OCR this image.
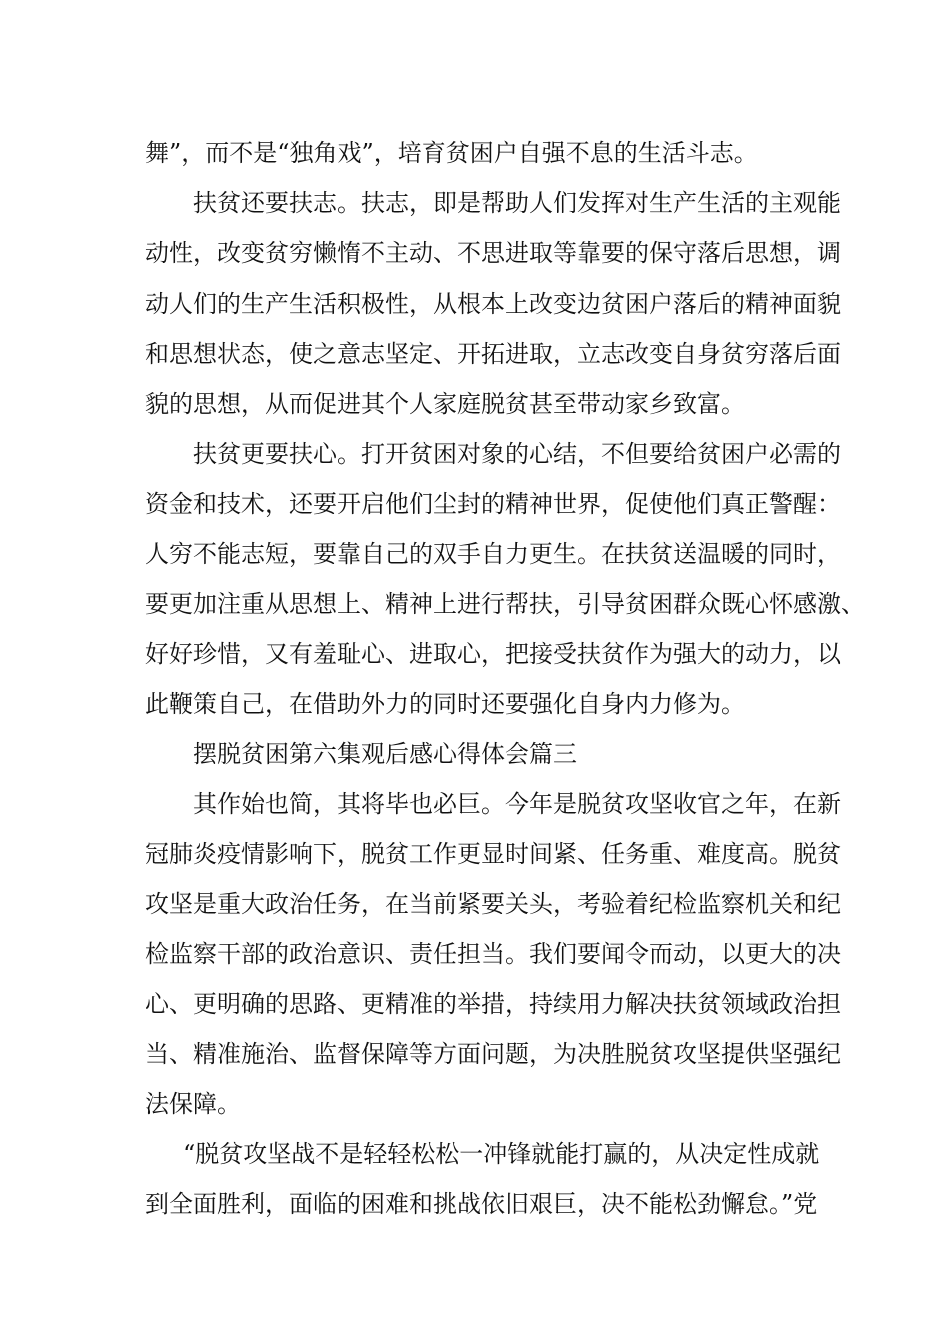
舞”，而不是“独角戏”，培育贫困户自强不息的生活斗志。
扶贫还要扶志。扶志，即是帮助人们发挥对生产生活的主观能
动性，改变贫穷懒惰不主动、不思进取等靠要的保守落后思想，调
动人们的生产生活积极性，从根本上改变边贫困户落后的精神面貌
和思想状态，使之意志坚定、开拓进取，立志改变自身贫穷落后面
貌的思想，从而促进其个人家庭脱贫甚至带动家乡致富。
扶贫更要扶心。打开贫困对象的心结，不但要给贫困户必需的
资金和技术，还要开启他们尘封的精神世界，促使他们真正警醒：
人穷不能志短，要靠自己的双手自力更生。在扶贫送温暖的同时，
要更加注重从思想上、精神上进行帮扶，引导贫困群众既心怀感激、
好好珍惜，又有羞耻心、进取心，把接受扶贫作为强大的动力，以
此鞭策自己，在借助外力的同时还要强化自身内力修为。
摆脱贫困第六集观后感心得体会篇三
其作始也简，其将毕也必巨。今年是脱贫攻坚收官之年，在新
冠肺炎疫情影响下，脱贫工作更显时间紧、任务重、难度高。脱贫
攻坚是重大政治任务，在当前紧要关头，考验着纪检监察机关和纪
检监察干部的政治意识、责任担当。我们要闻令而动，以更大的决
心、更明确的思路、更精准的举措，持续用力解决扶贫领域政治担
当、精准施治、监督保障等方面问题，为决胜脱贫攻坚提供坚强纪
法保障。
“脱贫攻坚战不是轻轻松松一冲锋就能打赢的，从决定性成就
到全面胜利，面临的困难和挑战依旧艰巨，决不能松劲懈怠。”党
